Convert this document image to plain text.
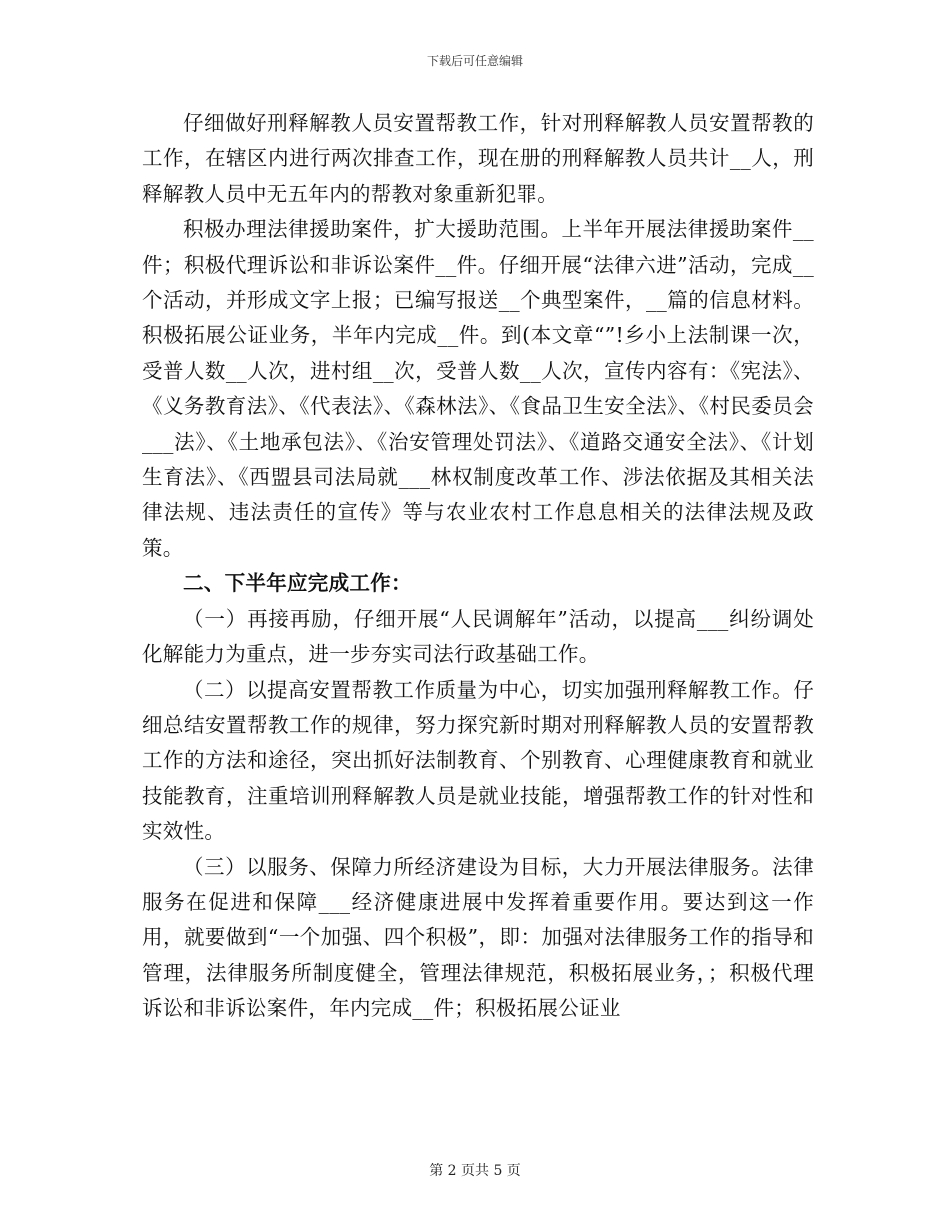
下载后可任意编辑

仔细做好刑释解教人员安置帮教工作，针对刑释解教人员安置帮教的工作，在辖区内进行两次排查工作，现在册的刑释解教人员共计__人，刑释解教人员中无五年内的帮教对象重新犯罪。

积极办理法律援助案件，扩大援助范围。上半年开展法律援助案件__件；积极代理诉讼和非诉讼案件__件。仔细开展“法律六进”活动，完成__个活动，并形成文字上报；已编写报送__个典型案件，__篇的信息材料。积极拓展公证业务，半年内完成__件。到(本文章“”!乡小上法制课一次，受普人数__人次，进村组__次，受普人数__人次，宣传内容有：《宪法》、《义务教育法》、《代表法》、《森林法》、《食品卫生安全法》、《村民委员会___法》、《土地承包法》、《治安管理处罚法》、《道路交通安全法》、《计划生育法》、《西盟县司法局就___林权制度改革工作、涉法依据及其相关法律法规、违法责任的宣传》等与农业农村工作息息相关的法律法规及政策。

二、下半年应完成工作：

（一）再接再励，仔细开展“人民调解年”活动，以提高___纠纷调处化解能力为重点，进一步夯实司法行政基础工作。

（二）以提高安置帮教工作质量为中心，切实加强刑释解教工作。仔细总结安置帮教工作的规律，努力探究新时期对刑释解教人员的安置帮教工作的方法和途径，突出抓好法制教育、个别教育、心理健康教育和就业技能教育，注重培训刑释解教人员是就业技能，增强帮教工作的针对性和实效性。

（三）以服务、保障力所经济建设为目标，大力开展法律服务。法律服务在促进和保障___经济健康进展中发挥着重要作用。要达到这一作用，就要做到“一个加强、四个积极”，即：加强对法律服务工作的指导和管理，法律服务所制度健全，管理法律规范，积极拓展业务，；积极代理诉讼和非诉讼案件，年内完成__件；积极拓展公证业

第 2 页共 5 页
